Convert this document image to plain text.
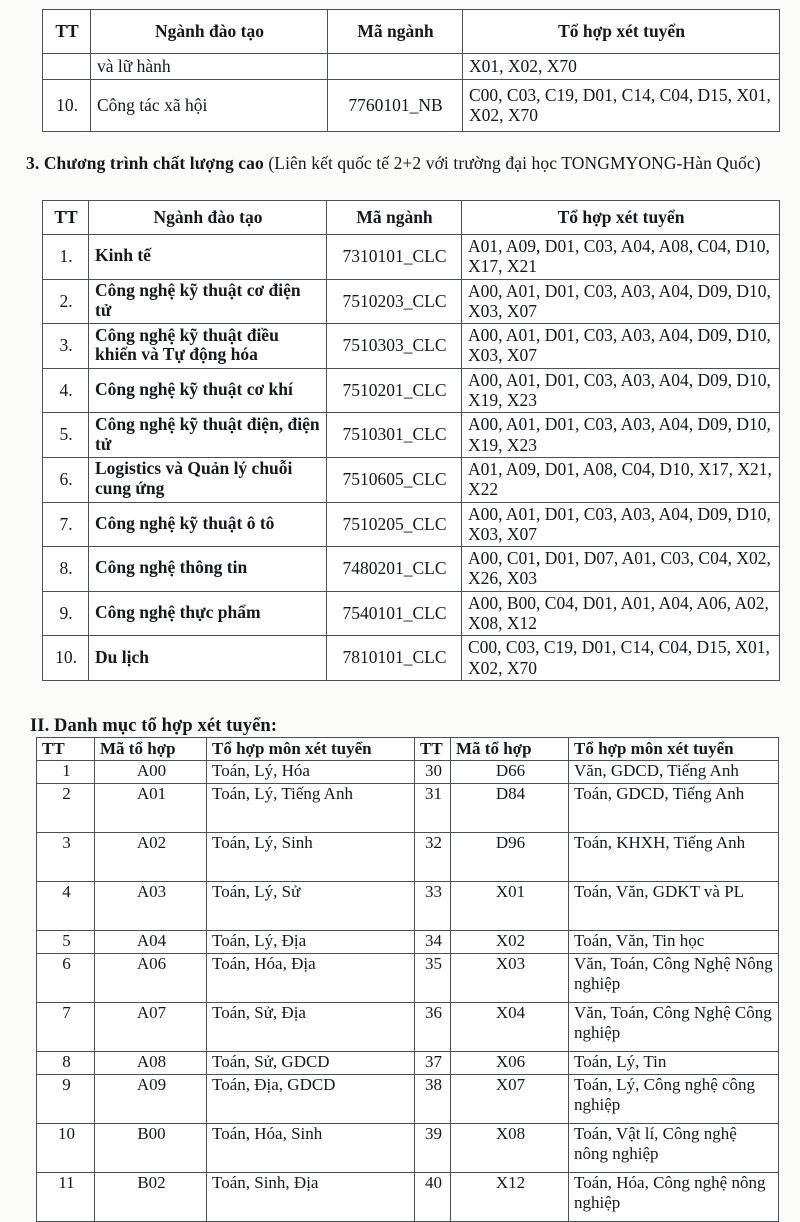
TT	Ngành đào tạo	Mã ngành	Tổ hợp xét tuyển
	và lữ hành		X01, X02, X70
10.	Công tác xã hội	7760101_NB	C00, C03, C19, D01, C14, C04, D15, X01, X02, X70
3. Chương trình chất lượng cao (Liên kết quốc tế 2+2 với trường đại học TONGMYONG-Hàn Quốc)
TT	Ngành đào tạo	Mã ngành	Tổ hợp xét tuyển
1.	Kinh tế	7310101_CLC	A01, A09, D01, C03, A04, A08, C04, D10, X17, X21
2.	Công nghệ kỹ thuật cơ điện tử	7510203_CLC	A00, A01, D01, C03, A03, A04, D09, D10, X03, X07
3.	Công nghệ kỹ thuật điều khiển và Tự động hóa	7510303_CLC	A00, A01, D01, C03, A03, A04, D09, D10, X03, X07
4.	Công nghệ kỹ thuật cơ khí	7510201_CLC	A00, A01, D01, C03, A03, A04, D09, D10, X19, X23
5.	Công nghệ kỹ thuật điện, điện tử	7510301_CLC	A00, A01, D01, C03, A03, A04, D09, D10, X19, X23
6.	Logistics và Quản lý chuỗi cung ứng	7510605_CLC	A01, A09, D01, A08, C04, D10, X17, X21, X22
7.	Công nghệ kỹ thuật ô tô	7510205_CLC	A00, A01, D01, C03, A03, A04, D09, D10, X03, X07
8.	Công nghệ thông tin	7480201_CLC	A00, C01, D01, D07, A01, C03, C04, X02, X26, X03
9.	Công nghệ thực phẩm	7540101_CLC	A00, B00, C04, D01, A01, A04, A06, A02, X08, X12
10.	Du lịch	7810101_CLC	C00, C03, C19, D01, C14, C04, D15, X01, X02, X70
II. Danh mục tổ hợp xét tuyển:
TT	Mã tổ hợp	Tổ hợp môn xét tuyển	TT	Mã tổ hợp	Tổ hợp môn xét tuyển
1	A00	Toán, Lý, Hóa	30	D66	Văn, GDCD, Tiếng Anh
2	A01	Toán, Lý, Tiếng Anh	31	D84	Toán, GDCD, Tiếng Anh
3	A02	Toán, Lý, Sinh	32	D96	Toán, KHXH, Tiếng Anh
4	A03	Toán, Lý, Sử	33	X01	Toán, Văn, GDKT và PL
5	A04	Toán, Lý, Địa	34	X02	Toán, Văn, Tin học
6	A06	Toán, Hóa, Địa	35	X03	Văn, Toán, Công Nghệ Nông nghiệp
7	A07	Toán, Sử, Địa	36	X04	Văn, Toán, Công Nghệ Công nghiệp
8	A08	Toán, Sử, GDCD	37	X06	Toán, Lý, Tin
9	A09	Toán, Địa, GDCD	38	X07	Toán, Lý, Công nghệ công nghiệp
10	B00	Toán, Hóa, Sinh	39	X08	Toán, Vật lí, Công nghệ nông nghiệp
11	B02	Toán, Sinh, Địa	40	X12	Toán, Hóa, Công nghệ nông nghiệp
